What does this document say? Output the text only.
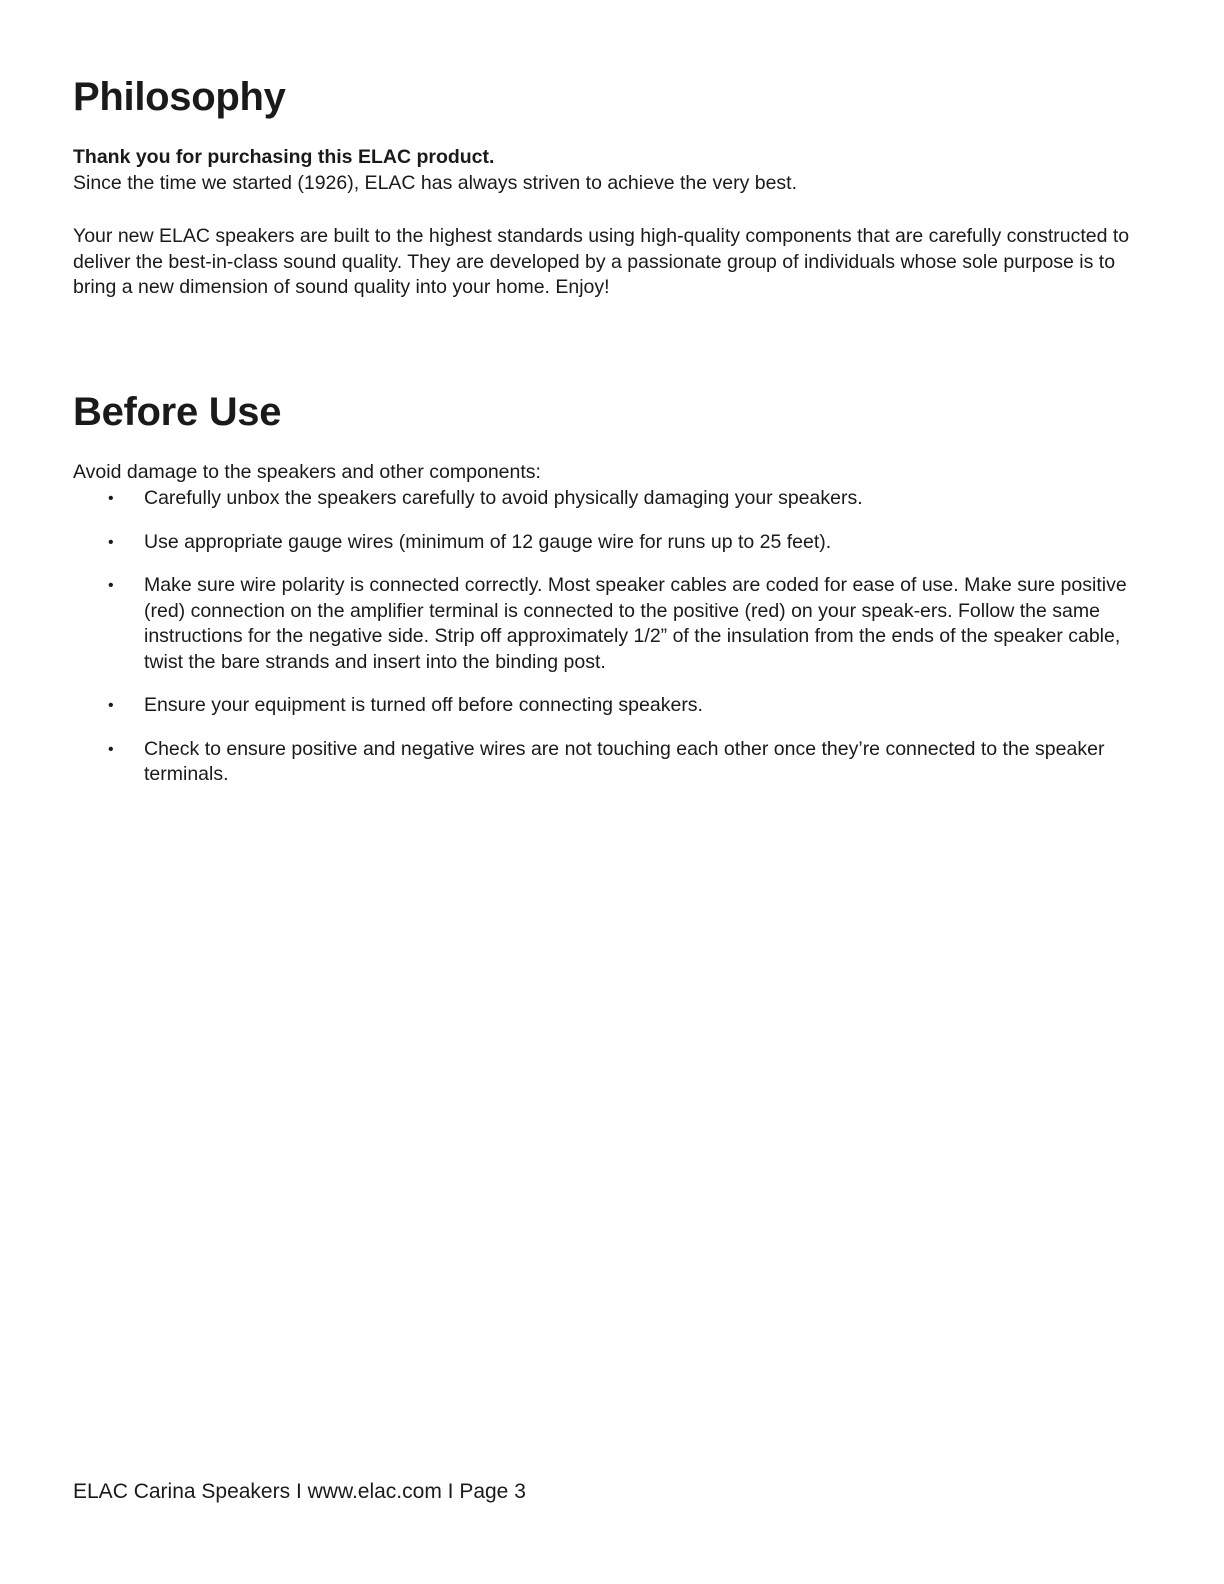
Philosophy

Thank you for purchasing this ELAC product.

Since the time we started (1926), ELAC has always striven to achieve the very best.

Your new ELAC speakers are built to the highest standards using high-quality components that are carefully constructed to deliver the best-in-class sound quality. They are developed by a passionate group of individuals whose sole purpose is to bring a new dimension of sound quality into your home. Enjoy!

Before Use

Avoid damage to the speakers and other components:

• Carefully unbox the speakers carefully to avoid physically damaging your speakers.
• Use appropriate gauge wires (minimum of 12 gauge wire for runs up to 25 feet).
• Make sure wire polarity is connected correctly. Most speaker cables are coded for ease of use. Make sure positive (red) connection on the amplifier terminal is connected to the positive (red) on your speak-ers. Follow the same instructions for the negative side. Strip off approximately 1/2” of the insulation from the ends of the speaker cable, twist the bare strands and insert into the binding post.
• Ensure your equipment is turned off before connecting speakers.
• Check to ensure positive and negative wires are not touching each other once they’re connected to the speaker terminals.
ELAC Carina Speakers I www.elac.com I Page 3
